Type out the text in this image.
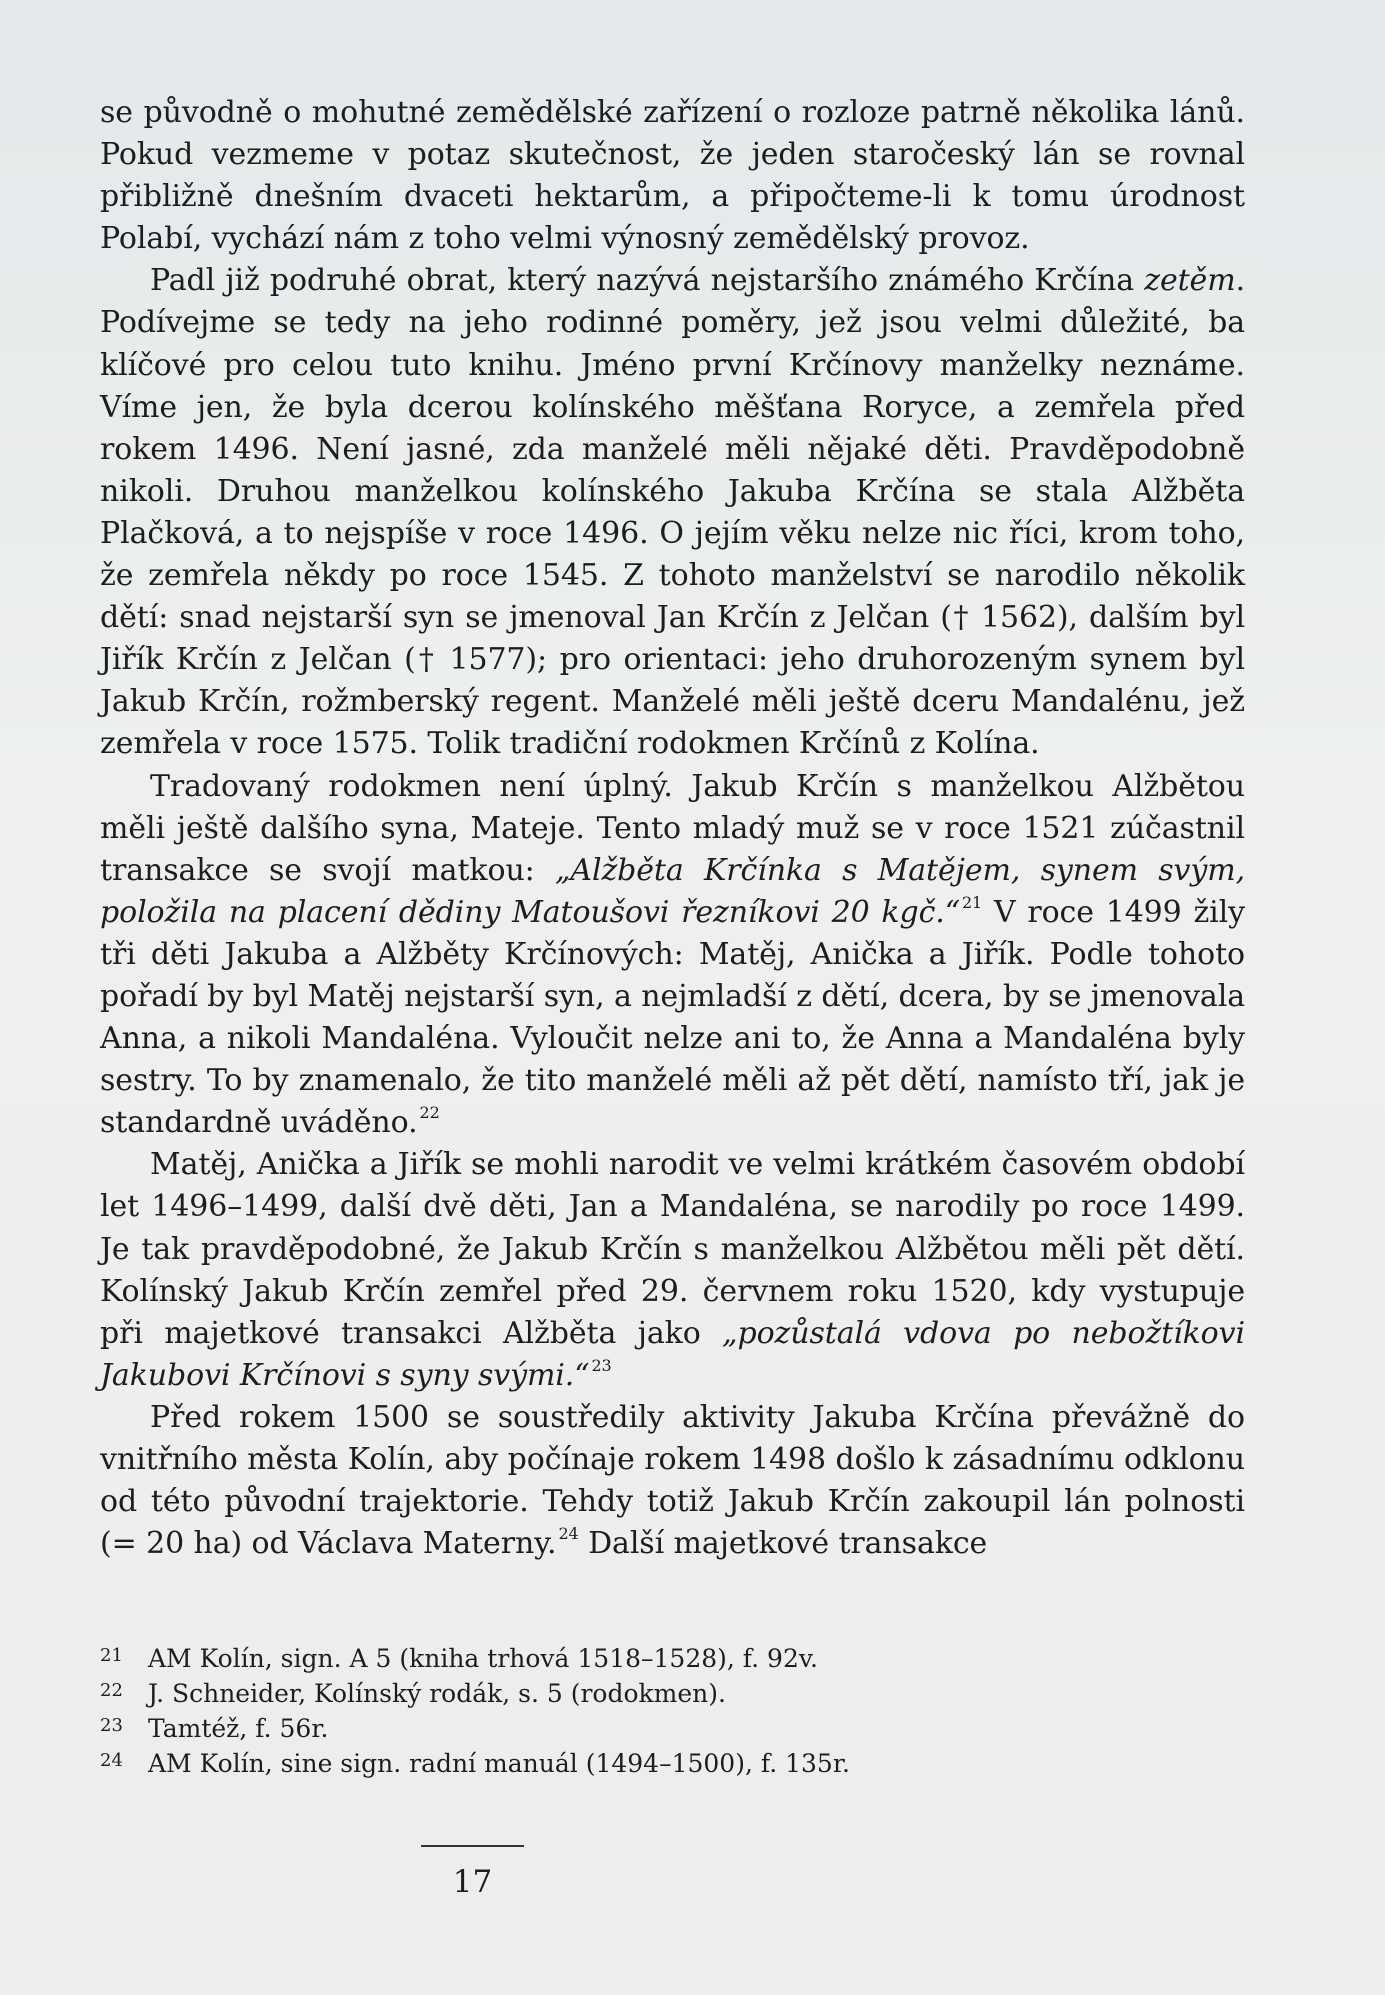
se původně o mohutné zemědělské zařízení o rozloze patrně několika lánů. Pokud vezmeme v potaz skutečnost, že jeden staročeský lán se rovnal přibližně dnešním dvaceti hektarům, a připočteme-li k tomu úrodnost Polabí, vychází nám z toho velmi výnosný zemědělský provoz.

Padl již podruhé obrat, který nazývá nejstaršího známého Krčína zetěm. Podívejme se tedy na jeho rodinné poměry, jež jsou velmi důležité, ba klíčové pro celou tuto knihu. Jméno první Krčínovy manželky neznáme. Víme jen, že byla dcerou kolínského měšťana Roryce, a zemřela před rokem 1496. Není jasné, zda manželé měli nějaké děti. Pravděpodobně nikoli. Druhou manželkou kolínského Jakuba Krčína se stala Alžběta Plačková, a to nejspíše v roce 1496. O jejím věku nelze nic říci, krom toho, že zemřela někdy po roce 1545. Z tohoto manželství se narodilo několik dětí: snad nejstarší syn se jmenoval Jan Krčín z Jelčan († 1562), dalším byl Jiřík Krčín z Jelčan († 1577); pro orientaci: jeho druhorozeným synem byl Jakub Krčín, rožmberský regent. Manželé měli ještě dceru Mandalénu, jež zemřela v roce 1575. Tolik tradiční rodokmen Krčínů z Kolína.

Tradovaný rodokmen není úplný. Jakub Krčín s manželkou Alžbětou měli ještě dalšího syna, Mateje. Tento mladý muž se v roce 1521 zúčastnil transakce se svojí matkou: „Alžběta Krčínka s Matějem, synem svým, položila na placení dědiny Matoušovi řezníkovi 20 kgč.“ $^{21}$ V roce 1499 žily tři děti Jakuba a Alžběty Krčínových: Matěj, Anička a Jiřík. Podle tohoto pořadí by byl Matěj nejstarší syn, a nejmladší z dětí, dcera, by se jmenovala Anna, a nikoli Mandaléna. Vyloučit nelze ani to, že Anna a Mandaléna byly sestry. To by znamenalo, že tito manželé měli až pět dětí, namísto tří, jak je standardně uváděno. $^{22}$

Matěj, Anička a Jiřík se mohli narodit ve velmi krátkém časovém období let 1496–1499, další dvě děti, Jan a Mandaléna, se narodily po roce 1499. Je tak pravděpodobné, že Jakub Krčín s manželkou Alžbětou měli pět dětí. Kolínský Jakub Krčín zemřel před 29. červnem roku 1520, kdy vystupuje při majetkové transakci Alžběta jako „pozůstalá vdova po nebožtíkovi Jakubovi Krčínovi s syny svými.“ $^{23}$

Před rokem 1500 se soustředily aktivity Jakuba Krčína převážně do vnitřního města Kolín, aby počínaje rokem 1498 došlo k zásadnímu odklonu od této původní trajektorie. Tehdy totiž Jakub Krčín zakoupil lán polnosti (= 20 ha) od Václava Materny. $^{24}$ Další majetkové transakce

21	AM Kolín, sign. A 5 (kniha trhová 1518–1528), f. 92v.
22	J. Schneider, Kolínský rodák, s. 5 (rodokmen).
23	Tamtéž, f. 56r.
24	AM Kolín, sine sign. radní manuál (1494–1500), f. 135r.
17
